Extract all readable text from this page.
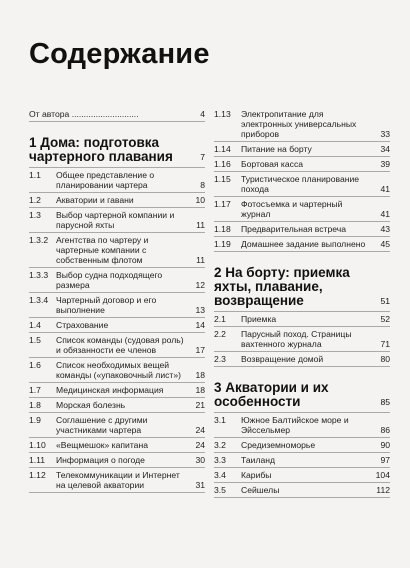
Содержание
От автора ............................	4
1 Дома: подготовка чартерного плавания	7
1.1	Общее представление о планировании чартера	8
1.2	Акватории и гавани	10
1.3	Выбор чартерной компании и парусной яхты	11
1.3.2 Агентства по чартеру и чартерные компании с собственным флотом	11
1.3.3 Выбор судна подходящего размера	12
1.3.4 Чартерный договор и его выполнение	13
1.4	Страхование	14
1.5	Список команды (судовая роль) и обязанности ее членов	17
1.6	Список необходимых вещей команды («упаковочный лист»)	18
1.7	Медицинская информация	18
1.8	Морская болезнь	21
1.9	Соглашение с другими участниками чартера	24
1.10	«Вещмешок» капитана	24
1.11	Информация о погоде	30
1.12	Телекоммуникации и Интернет на целевой акватории	31
1.13	Электропитание для электронных универсальных приборов	33
1.14	Питание на борту	34
1.16	Бортовая касса	39
1.15	Туристическое планирование похода	41
1.17	Фотосъемка и чартерный журнал	41
1.18	Предварительная встреча	43
1.19	Домашнее задание выполнено	45
2 На борту: приемка яхты, плавание, возвращение	51
2.1	Приемка	52
2.2	Парусный поход. Страницы вахтенного журнала	71
2.3	Возвращение домой	80
3 Акватории и их особенности	85
3.1	Южное Балтийское море и Эйссельмер	86
3.2	Средиземноморье	90
3.3	Таиланд	97
3.4	Карибы	104
3.5	Сейшелы	112
